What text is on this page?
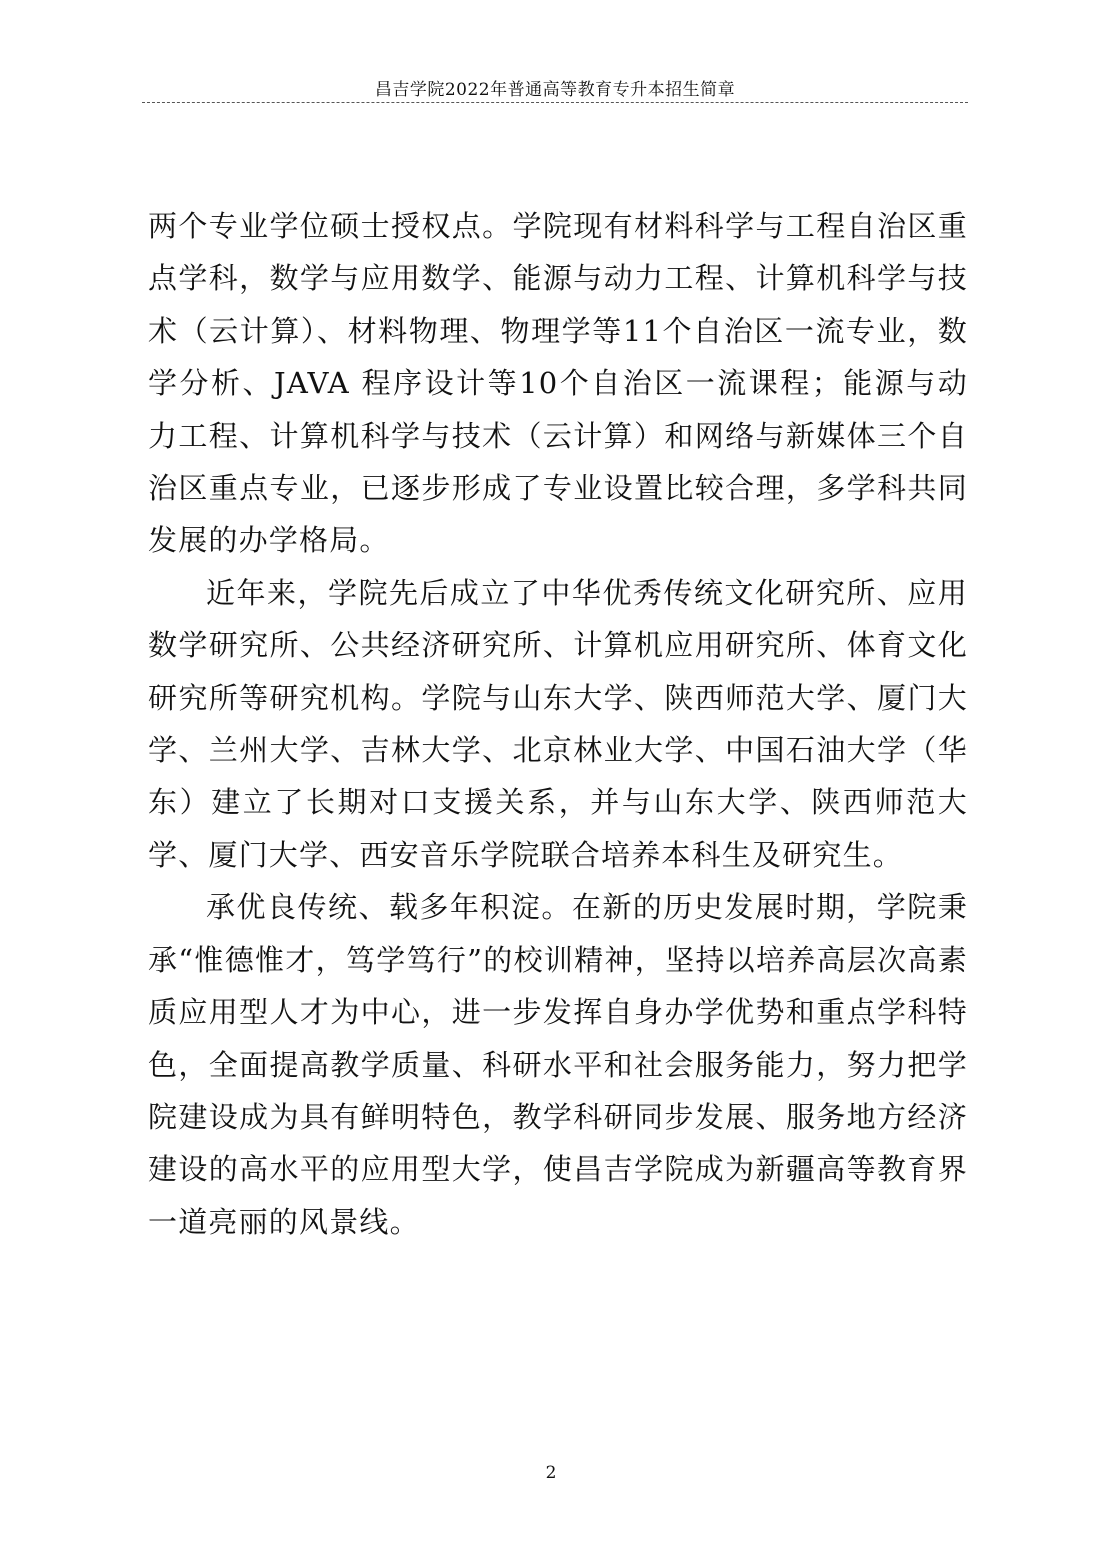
昌吉学院2022年普通高等教育专升本招生简章

两个专业学位硕士授权点。学院现有材料科学与工程自治区重点学科，数学与应用数学、能源与动力工程、计算机科学与技术（云计算）、材料物理、物理学等11个自治区一流专业，数学分析、JAVA 程序设计等10个自治区一流课程；能源与动力工程、计算机科学与技术（云计算）和网络与新媒体三个自治区重点专业，已逐步形成了专业设置比较合理，多学科共同发展的办学格局。

近年来，学院先后成立了中华优秀传统文化研究所、应用数学研究所、公共经济研究所、计算机应用研究所、体育文化研究所等研究机构。学院与山东大学、陕西师范大学、厦门大学、兰州大学、吉林大学、北京林业大学、中国石油大学（华东）建立了长期对口支援关系，并与山东大学、陕西师范大学、厦门大学、西安音乐学院联合培养本科生及研究生。

承优良传统、载多年积淀。在新的历史发展时期，学院秉承“惟德惟才，笃学笃行”的校训精神，坚持以培养高层次高素质应用型人才为中心，进一步发挥自身办学优势和重点学科特色，全面提高教学质量、科研水平和社会服务能力，努力把学院建设成为具有鲜明特色，教学科研同步发展、服务地方经济建设的高水平的应用型大学，使昌吉学院成为新疆高等教育界一道亮丽的风景线。

2
